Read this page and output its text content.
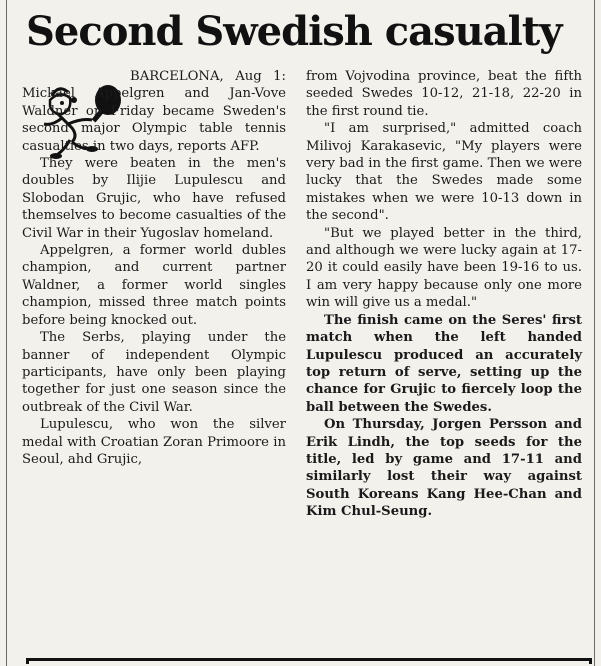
Second Swedish casualty

BARCELONA, Aug 1: Mickael Appelgren and Jan-Vove Waldner on Friday became Sweden's second major Olympic table tennis casualties in two days, reports AFP.

They were beaten in the men's doubles by Ilijie Lupulescu and Slobodan Grujic, who have refused themselves to become casualties of the Civil War in their Yugoslav homeland.

Appelgren, a former world dubles champion, and current partner Waldner, a former world singles champion, missed three match points before being knocked out.

The Serbs, playing under the banner of independent Olympic participants, have only been playing together for just one season since the outbreak of the Civil War.

Lupulescu, who won the silver medal with Croatian Zoran Primoore in Seoul, ahd Grujic,

from Vojvodina province, beat the fifth seeded Swedes 10-12, 21-18, 22-20 in the first round tie.

"I am surprised," admitted coach Milivoj Karakasevic, "My players were very bad in the first game. Then we were lucky that the Swedes made some mistakes when we were 10-13 down in the second".

"But we played better in the third, and although we were lucky again at 17-20 it could easily have been 19-16 to us. I am very happy because only one more win will give us a medal."

The finish came on the Seres' first match when the left handed Lupulescu produced an accurately top return of serve, setting up the chance for Grujic to fiercely loop the ball between the Swedes.

On Thursday, Jorgen Persson and Erik Lindh, the top seeds for the title, led by game and 17-11 and similarly lost their way against South Koreans Kang Hee-Chan and Kim Chul-Seung.
